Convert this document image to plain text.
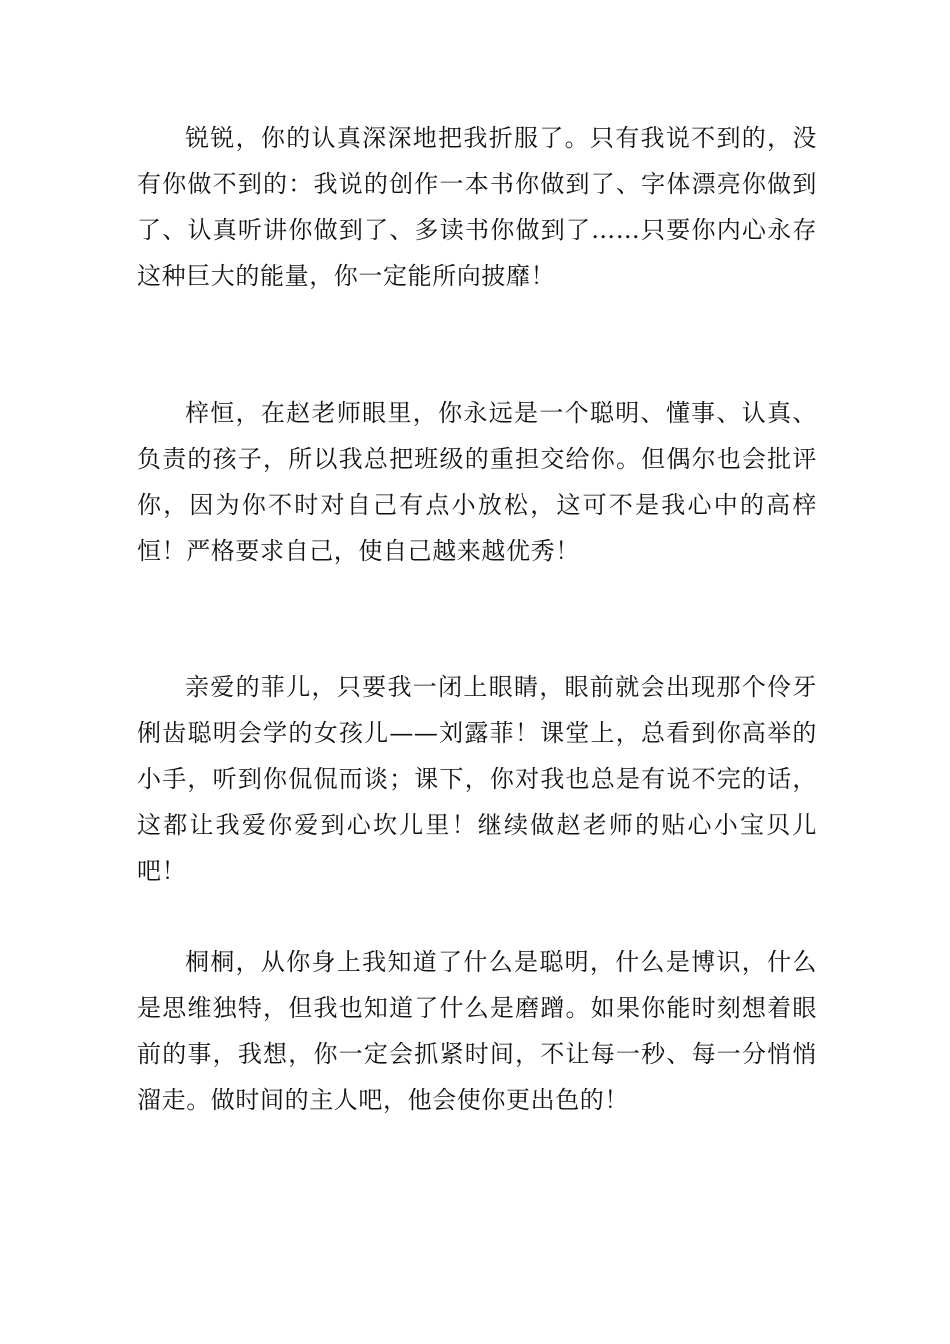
锐锐，你的认真深深地把我折服了。只有我说不到的，没有你做不到的：我说的创作一本书你做到了、字体漂亮你做到了、认真听讲你做到了、多读书你做到了……只要你内心永存这种巨大的能量，你一定能所向披靡！

梓恒，在赵老师眼里，你永远是一个聪明、懂事、认真、负责的孩子，所以我总把班级的重担交给你。但偶尔也会批评你，因为你不时对自己有点小放松，这可不是我心中的高梓恒！严格要求自己，使自己越来越优秀！

亲爱的菲儿，只要我一闭上眼睛，眼前就会出现那个伶牙俐齿聪明会学的女孩儿——刘露菲！课堂上，总看到你高举的小手，听到你侃侃而谈；课下，你对我也总是有说不完的话，这都让我爱你爱到心坎儿里！继续做赵老师的贴心小宝贝儿吧！

桐桐，从你身上我知道了什么是聪明，什么是博识，什么是思维独特，但我也知道了什么是磨蹭。如果你能时刻想着眼前的事，我想，你一定会抓紧时间，不让每一秒、每一分悄悄溜走。做时间的主人吧，他会使你更出色的！
